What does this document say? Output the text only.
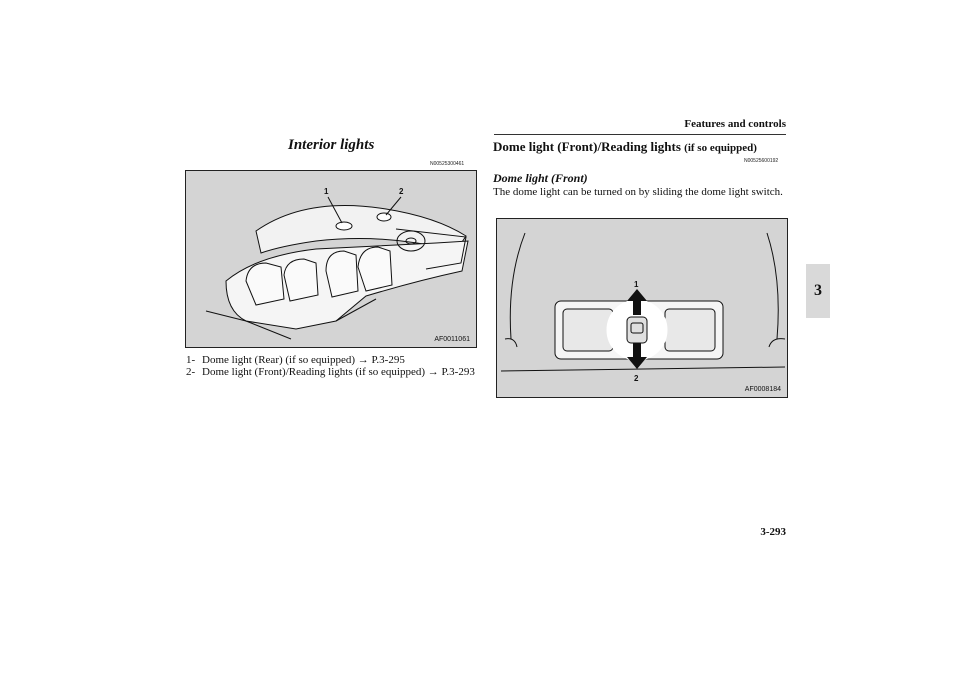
Features and controls
3
Interior lights
N00525300461
1	2
AF0011061
1- Dome light (Rear) (if so equipped) → P.3-295
2- Dome light (Front)/Reading lights (if so equipped) → P.3-293
Dome light (Front)/Reading lights (if so equipped)
N00525600192
Dome light (Front)
The dome light can be turned on by sliding the dome light switch.
1
2
AF0008184
3-293
